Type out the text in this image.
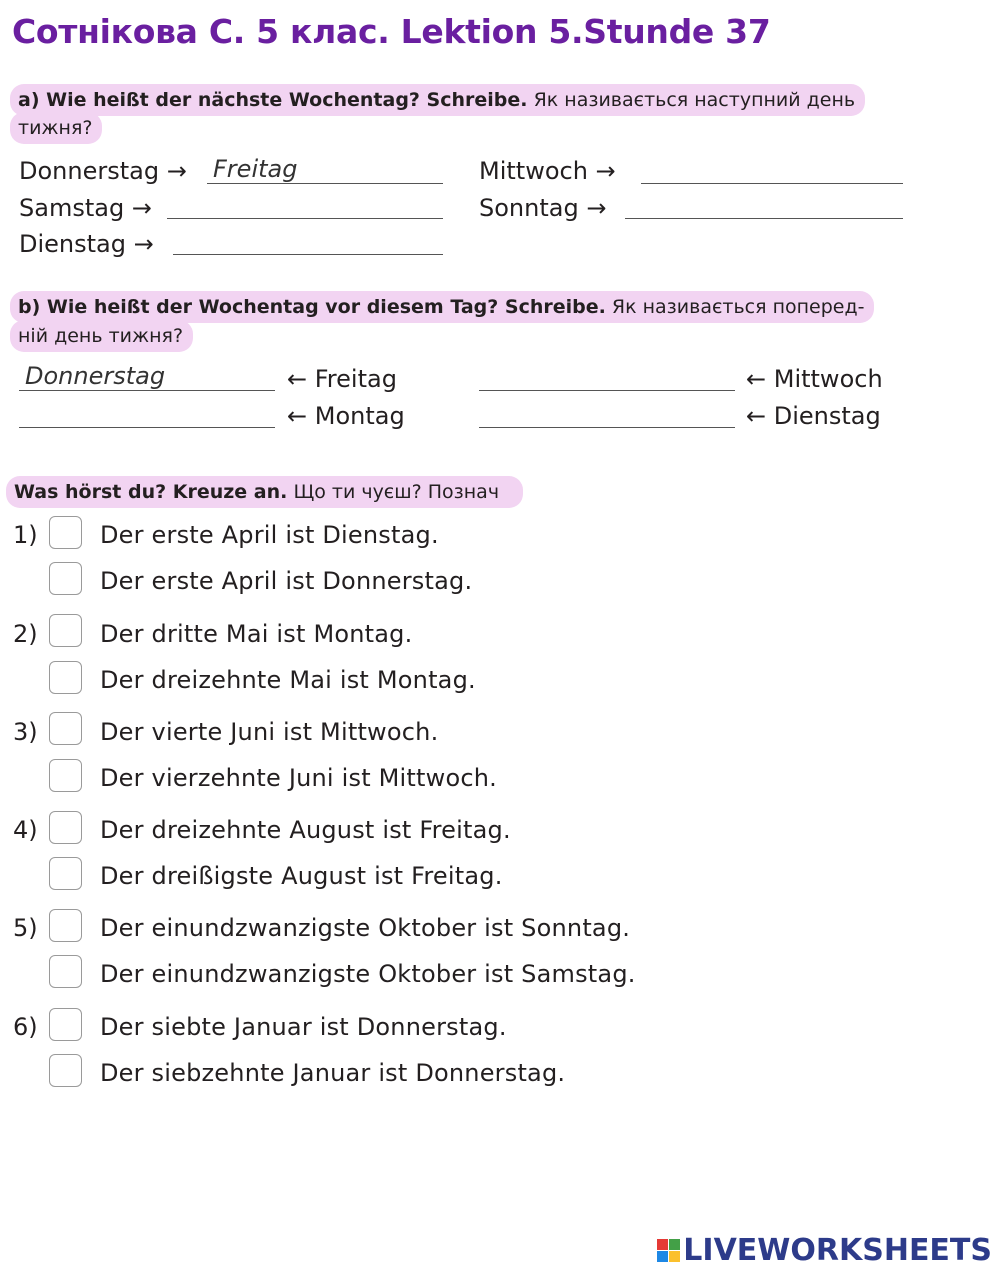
Сотнікова С. 5 клас. Lektion 5.Stunde 37
a) Wie heißt der nächste Wochentag? Schreibe. Як називається наступний день
тижня?
Donnerstag → Freitag	Mittwoch →
Samstag →	Sonntag →
Dienstag →
b) Wie heißt der Wochentag vor diesem Tag? Schreibe. Як називається поперед-
ній день тижня?
Donnerstag	← Freitag	← Mittwoch
← Montag	← Dienstag
Was hörst du? Kreuze an. Що ти чуєш? Познач
1)	Der erste April ist Dienstag.
Der erste April ist Donnerstag.
2)	Der dritte Mai ist Montag.
Der dreizehnte Mai ist Montag.
3)	Der vierte Juni ist Mittwoch.
Der vierzehnte Juni ist Mittwoch.
4)	Der dreizehnte August ist Freitag.
Der dreißigste August ist Freitag.
5)	Der einundzwanzigste Oktober ist Sonntag.
Der einundzwanzigste Oktober ist Samstag.
6)	Der siebte Januar ist Donnerstag.
Der siebzehnte Januar ist Donnerstag.
LIVEWORKSHEETS
